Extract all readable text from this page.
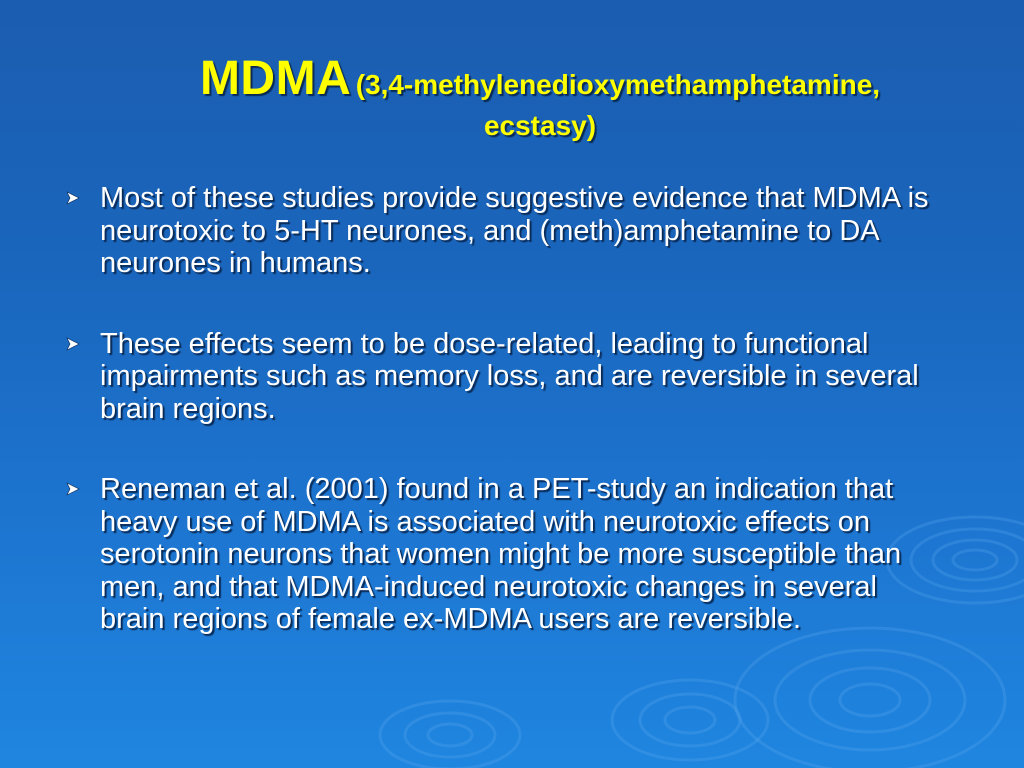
MDMA (3,4-methylenedioxymethamphetamine,
ecstasy)
Most of these studies provide suggestive evidence that MDMA is neurotoxic to 5-HT neurones, and (meth)amphetamine to DA neurones in humans.
These effects seem to be dose-related, leading to functional impairments such as memory loss, and are reversible in several brain regions.
Reneman et al. (2001) found in a PET-study an indication that heavy use of MDMA is associated with neurotoxic effects on serotonin neurons that women might be more susceptible than men, and that MDMA-induced neurotoxic changes in several brain regions of female ex-MDMA users are reversible.
